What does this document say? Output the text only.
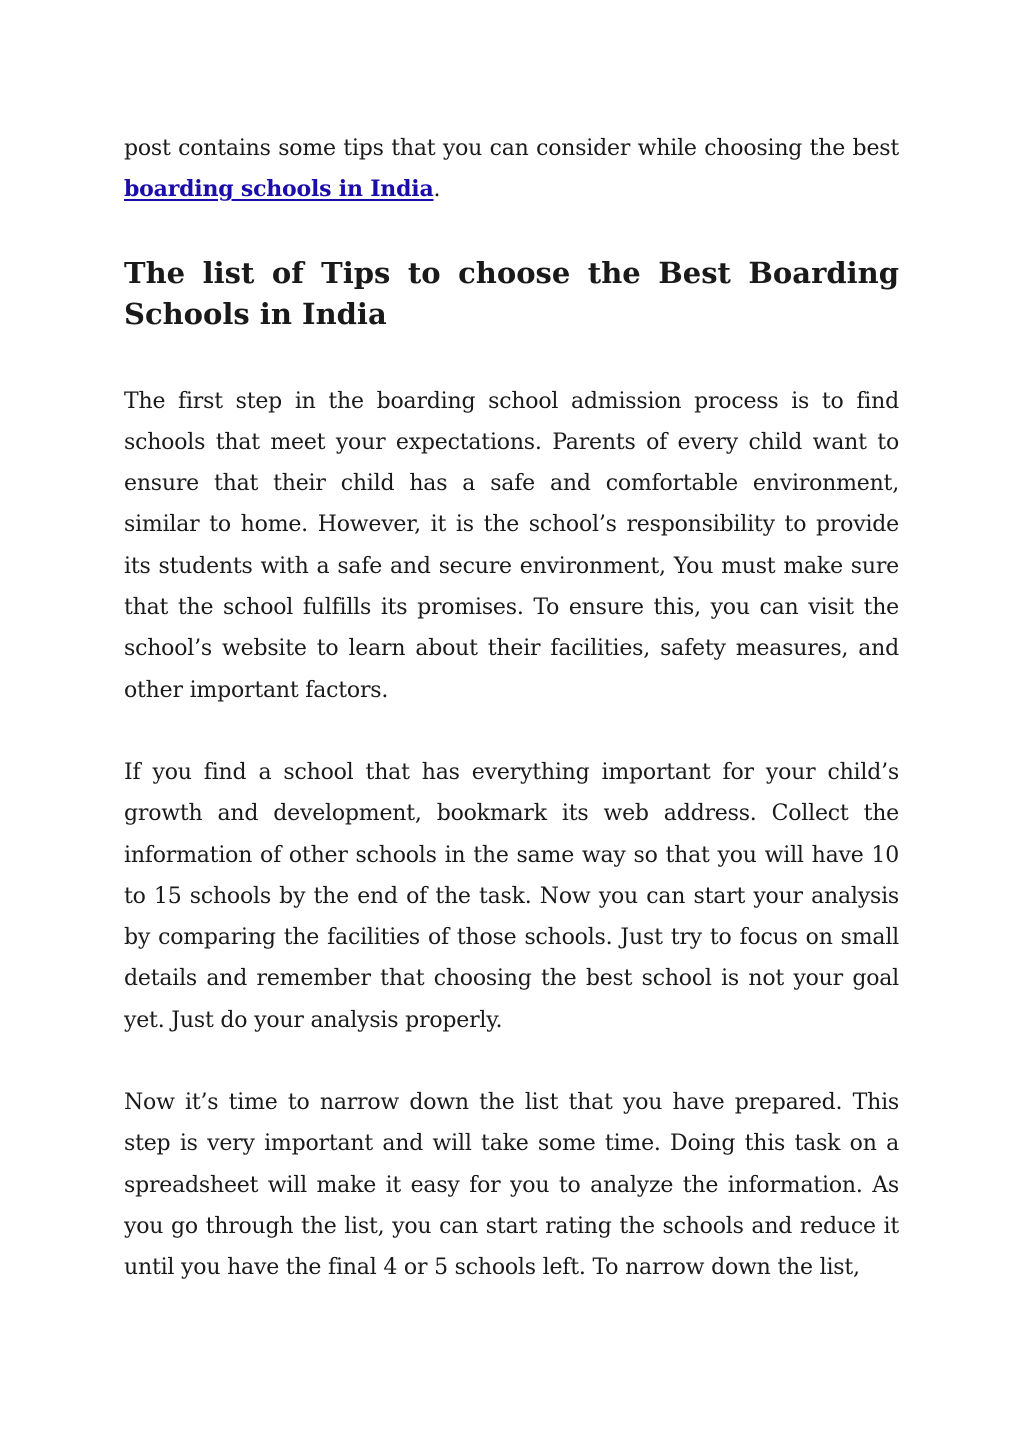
post contains some tips that you can consider while choosing the best boarding schools in India.

The list of Tips to choose the Best Boarding Schools in India

The first step in the boarding school admission process is to find schools that meet your expectations. Parents of every child want to ensure that their child has a safe and comfortable environment, similar to home. However, it is the school’s responsibility to provide its students with a safe and secure environment, You must make sure that the school fulfills its promises. To ensure this, you can visit the school’s website to learn about their facilities, safety measures, and other important factors.

If you find a school that has everything important for your child’s growth and development, bookmark its web address. Collect the information of other schools in the same way so that you will have 10 to 15 schools by the end of the task. Now you can start your analysis by comparing the facilities of those schools. Just try to focus on small details and remember that choosing the best school is not your goal yet. Just do your analysis properly.

Now it’s time to narrow down the list that you have prepared. This step is very important and will take some time. Doing this task on a spreadsheet will make it easy for you to analyze the information. As you go through the list, you can start rating the schools and reduce it until you have the final 4 or 5 schools left. To narrow down the list,
